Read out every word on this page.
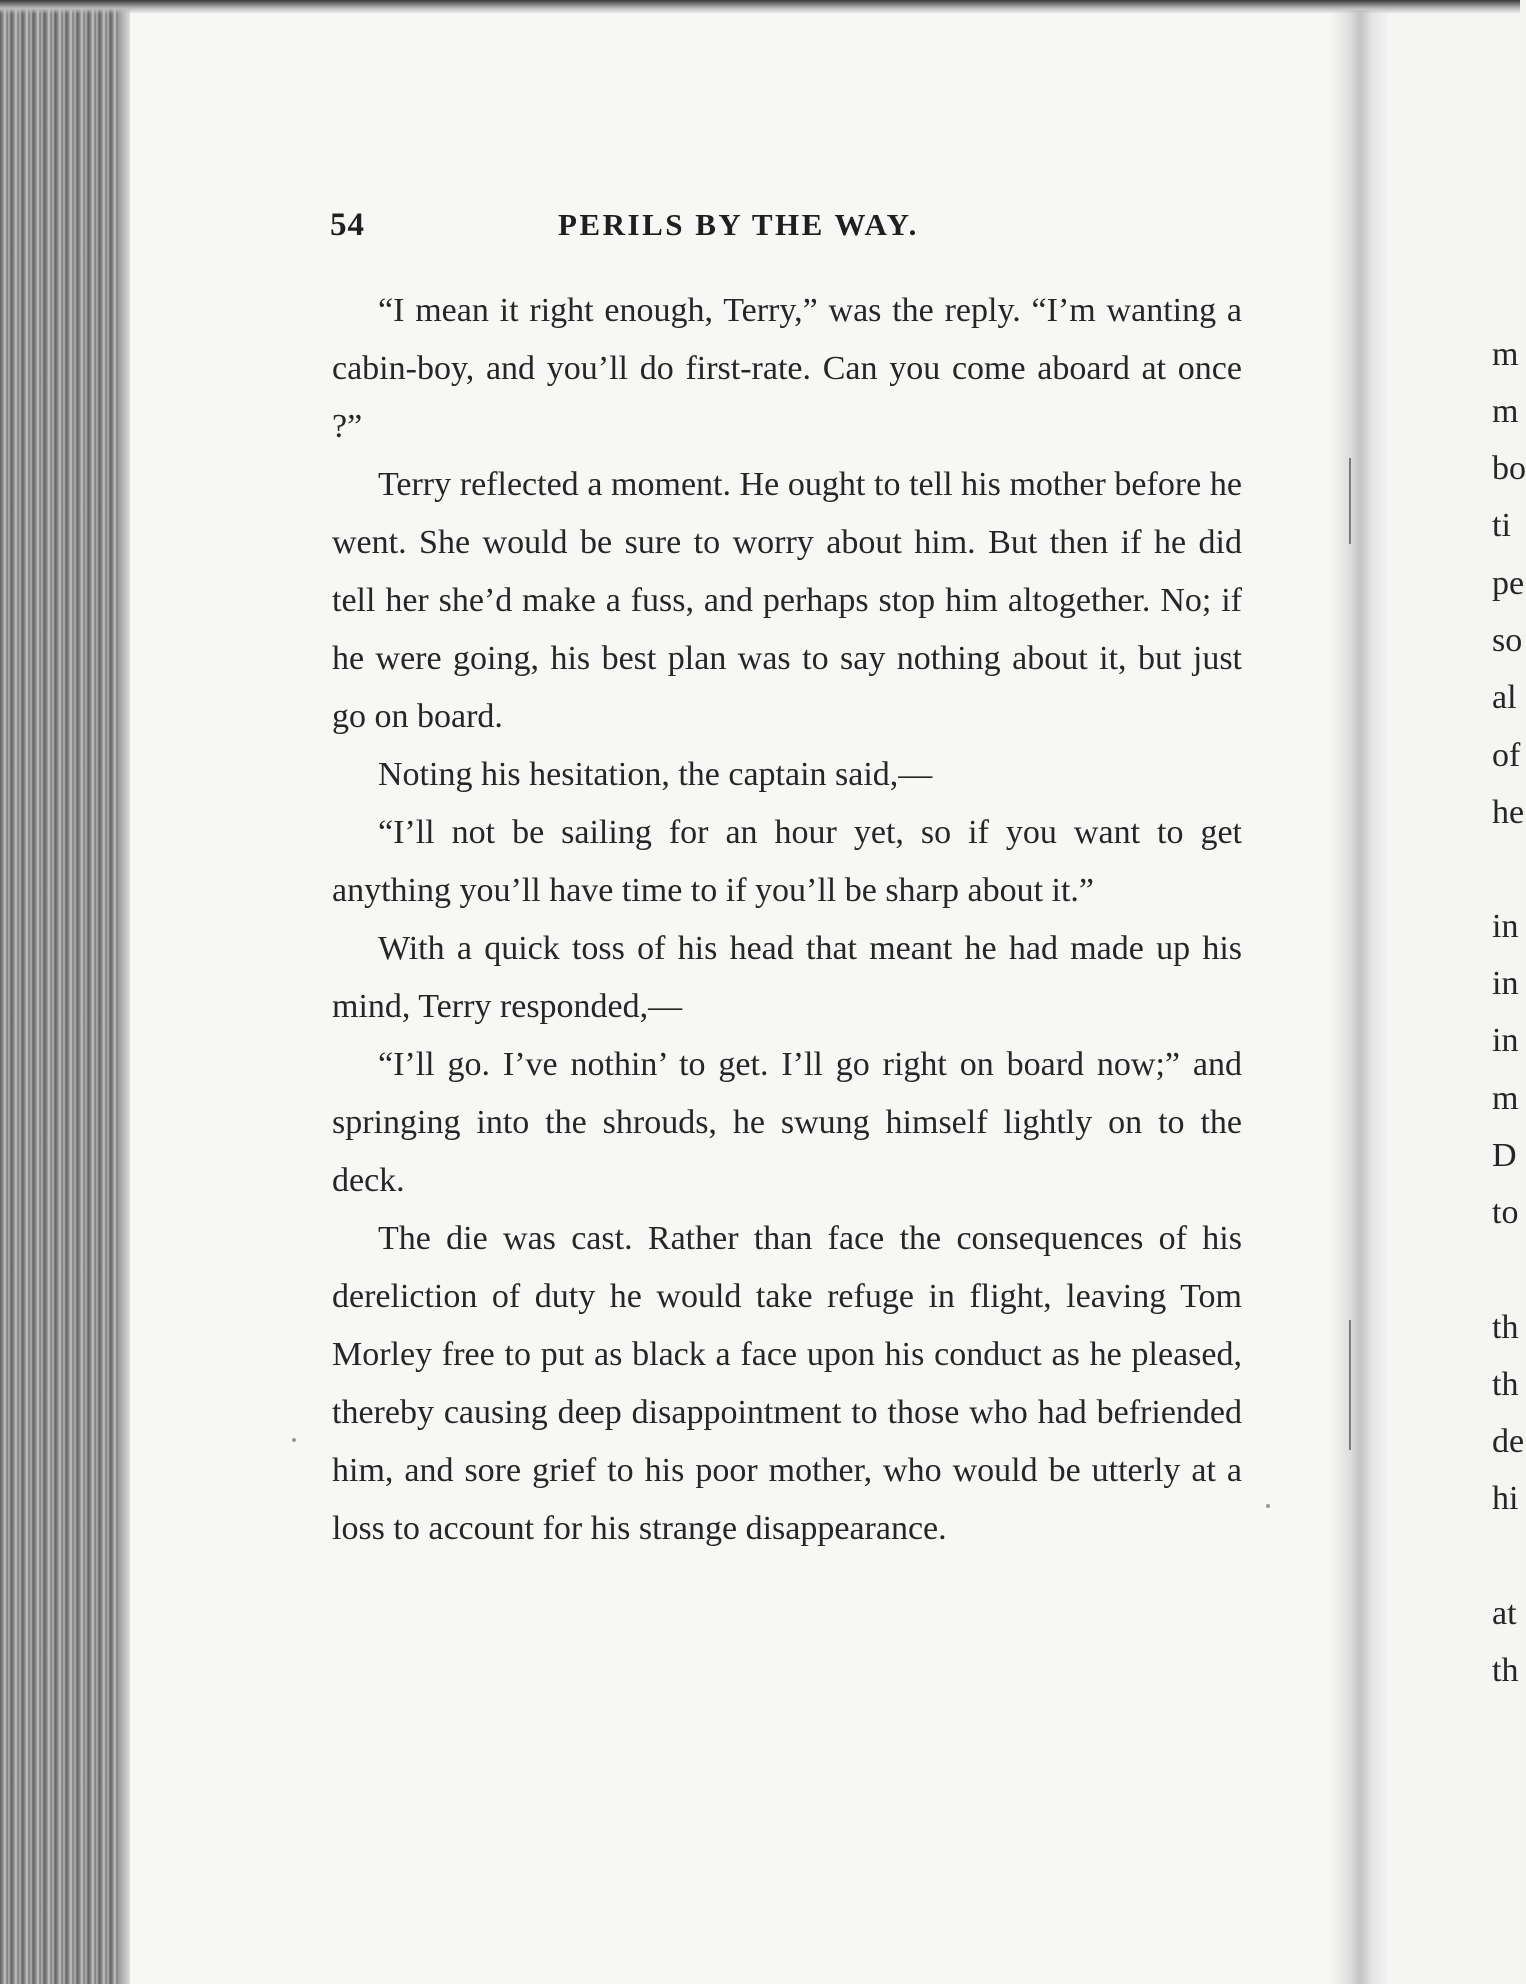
54	PERILS BY THE WAY.

“I mean it right enough, Terry,” was the reply. “I’m wanting a cabin-boy, and you’ll do first-rate. Can you come aboard at once ?”

Terry reflected a moment. He ought to tell his mother before he went. She would be sure to worry about him. But then if he did tell her she’d make a fuss, and perhaps stop him altogether. No; if he were going, his best plan was to say nothing about it, but just go on board.

Noting his hesitation, the captain said,—

“I’ll not be sailing for an hour yet, so if you want to get anything you’ll have time to if you’ll be sharp about it.”

With a quick toss of his head that meant he had made up his mind, Terry responded,—

“I’ll go. I’ve nothin’ to get. I’ll go right on board now;” and springing into the shrouds, he swung himself lightly on to the deck.

The die was cast. Rather than face the consequences of his dereliction of duty he would take refuge in flight, leaving Tom Morley free to put as black a face upon his conduct as he pleased, thereby causing deep disappointment to those who had befriended him, and sore grief to his poor mother, who would be utterly at a loss to account for his strange disappearance.

m
m
bo
ti
pe
so
al
of
he
in
in
in
m
D
to
th
th
de
hi
at
th
